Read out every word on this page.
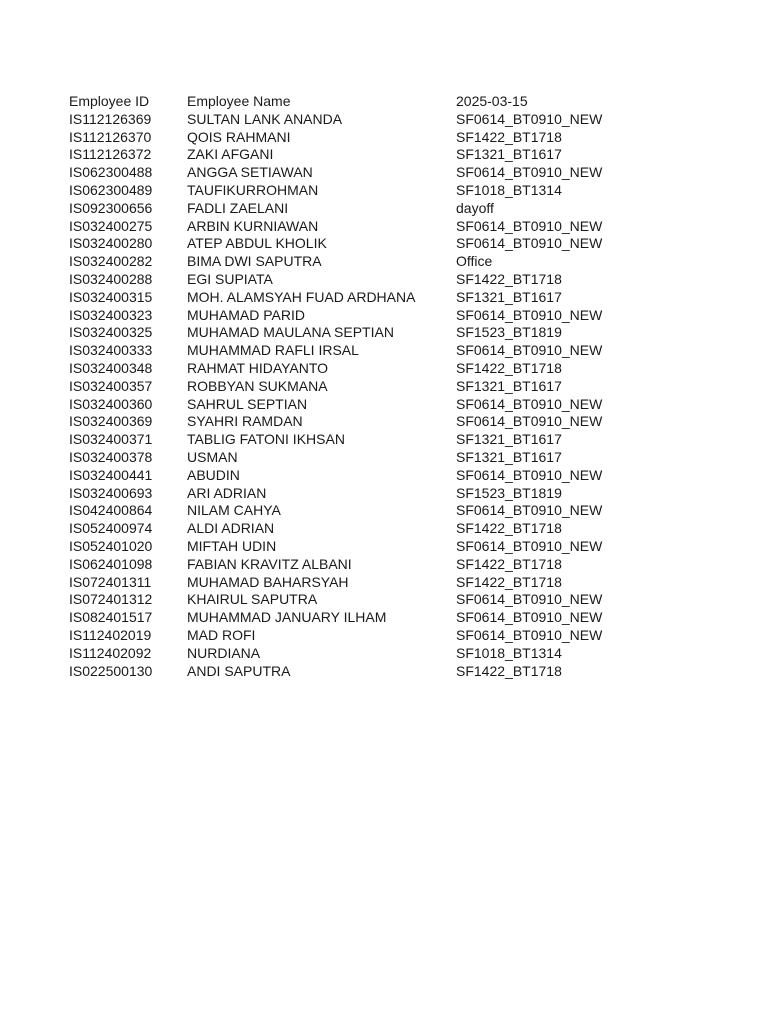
Employee ID	Employee Name	2025-03-15
IS112126369	SULTAN LANK ANANDA	SF0614_BT0910_NEW
IS112126370	QOIS RAHMANI	SF1422_BT1718
IS112126372	ZAKI AFGANI	SF1321_BT1617
IS062300488 ANGGA SETIAWAN	SF0614_BT0910_NEW
IS062300489 TAUFIKURROHMAN	SF1018_BT1314
IS092300656 FADLI ZAELANI	dayoff
IS032400275 ARBIN KURNIAWAN	SF0614_BT0910_NEW
IS032400280 ATEP ABDUL KHOLIK	SF0614_BT0910_NEW
IS032400282 BIMA DWI SAPUTRA	Office
IS032400288 EGI SUPIATA	SF1422_BT1718
IS032400315 MOH. ALAMSYAH FUAD ARDHANA	SF1321_BT1617
IS032400323 MUHAMAD PARID	SF0614_BT0910_NEW
IS032400325 MUHAMAD MAULANA SEPTIAN	SF1523_BT1819
IS032400333 MUHAMMAD RAFLI IRSAL	SF0614_BT0910_NEW
IS032400348 RAHMAT HIDAYANTO	SF1422_BT1718
IS032400357 ROBBYAN SUKMANA	SF1321_BT1617
IS032400360 SAHRUL SEPTIAN	SF0614_BT0910_NEW
IS032400369 SYAHRI RAMDAN	SF0614_BT0910_NEW
IS032400371 TABLIG FATONI IKHSAN	SF1321_BT1617
IS032400378 USMAN	SF1321_BT1617
IS032400441 ABUDIN	SF0614_BT0910_NEW
IS032400693 ARI ADRIAN	SF1523_BT1819
IS042400864 NILAM CAHYA	SF0614_BT0910_NEW
IS052400974 ALDI ADRIAN	SF1422_BT1718
IS052401020 MIFTAH UDIN	SF0614_BT0910_NEW
IS062401098 FABIAN KRAVITZ ALBANI	SF1422_BT1718
IS072401311	MUHAMAD BAHARSYAH	SF1422_BT1718
IS072401312 KHAIRUL SAPUTRA	SF0614_BT0910_NEW
IS082401517 MUHAMMAD JANUARY ILHAM	SF0614_BT0910_NEW
IS112402019	MAD ROFI	SF0614_BT0910_NEW
IS112402092	NURDIANA	SF1018_BT1314
IS022500130 ANDI SAPUTRA	SF1422_BT1718
